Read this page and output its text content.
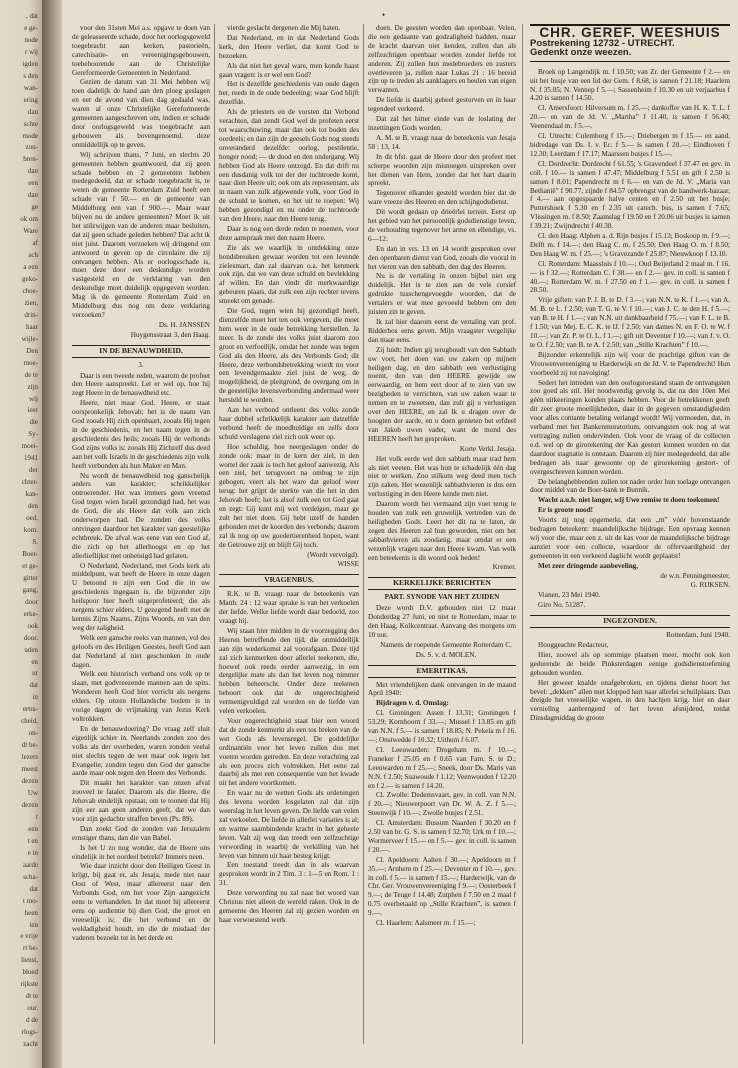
, dat
e ge-
node
r wij
igden
s den
wan-
ering
dan
schte
mode
zou-
bren-
dan
een
dan
ge
ok om
Ware
af
ach
a een
geko-
choe-
zien,
drin-
haar
wijle-
Den
moe-
de te
zijn
wij
ieer
die
Sy-
moei-
1941
der
chter-
kan-
den
oed,
kom.
S.
Boer-
et ge-
gitter
gang,
door
erke-
ook
door.
uden
en
ur
dat
in
ertra-
cheid,
on-
dt be-
lezers
meest
dezen
Uw
dezen
t
een
t en
e in
aarde
scha-
dat
t mo-
heen
ien
e vrije
rt be-
lienst,
bloed
rijkste
dt te
our.
d de
rlogs-
zacht
•

voor den 31sten Mei a.s. opgave te doen van de geleasseerde schade, door het oorlogsgeweld toegebracht aan kerken, pastorieën, catechisatie- en vereenigingsgebouwen, toebehoorende aan de Christelijke Gereformeerde Gemeenten in Nederland.

Gezien de datum van 31 Mei hebben wij toen dadelijk de hand aan den ploeg geslagen en eer de avond van dien dag gedaald was, waren al onze Christelijke Gereformeerde gemeenten aangeschreven om, indien er schade door oorlogsgeweld was toegebracht aan gebouwen als bovengenoemd, deze onmiddellijk op te geven.

Wij schrijven thans, 7 Juni, en slechts 20 gemeenten hebben geantwoord, dat zij geen schade hebben en 2 gemeenten hebben medegedeeld, dat er schade toegebracht is, te weten de gemeente Rotterdam Zuid heeft een schade van f 50.— en de gemeente van Middelburg een van f 900.—. Maar waar blijven nu de andere gemeenten? Moet ik uit het stilzwijgen van de anderen maar besluiten, dat zij geen schade geleden hebben? Dat acht ik niet juist. Daarom verzoeken wij dringend om antwoord te geven op de circulaire die zij ontvangen hebben. Als er oorlogsschade is, moet deze door een deskundige worden vastgesteld en de verklaring van den deskundige moet duidelijk opgegeven worden. Mag ik de gemeente Rotterdam Zuid en Middelburg dus nog om deze verklaring verzoeken?

Ds. H. JANSSEN

Huygensstraat 3, den Haag.

IN DE BENAUWDHEID.
3.

Daar is een tweede reden, waarom de profeet den Heere aanspreekt. Let er wel op, hoe hij zegt Heere in de benauwdheid etc.

Heere, niet maar God. Heere, er staat oorspronkelijk Jehovah; het is de naam van God zooals Hij zich openbaart, zooals Hij tegen in de geschiedenis, en het naam tegen in de geschiedenis des heils; zooals Hij de verbonds God zijns volks is: zooals Hij Zichzelf dus deed aan het volk Israels in de geschiedenis zijn volk heeft verbonden als hun Maker en Man.

Nu wordt de benauwdheid nog ganschelijk anders van karakter; schrikkelijker ontroerender. Het was immers geen vreemd God tegen wien Israël gezondigd had, het was de God, die als Heere dat volk aan zich onderworpen had. De zonden des volks ontvingen daardoor het karakter van geestelijke echtbreuk. De afval was eene van een God af, die zich op het allerhoogst en op het allerlieflijkst met onbetuigd had gelaten.

O Nederland, Nederland, met Gods kerk als middelpunt, wat heeft de Heere in onze dagen U betoond te zijn een God die in uw geschiedenis ingegaan is, die bijzonder zijn heilspoor hier heeft uitgeprofeteerd; die als nergens schier elders, U gezegend heeft met de kennis Zijns Naams, Zijns Woords, en van den weg der zaligheid.

Welk een gansche reeks van mannen, vol des geloofs en des Heiligen Geestes, heeft God aan dat Nederland al niet geschonken in oude dagen.

Welk een historisch verband ons volk op te slaan, met godvreezende mannen aan de spits. Wonderen heeft God hier verricht als nergens elders. Op onzen Hollandsche bodem is in vorige dagen de vrijmaking van Jezus Kerk voltrokken.

En de benauwdoering? De vraag zelf sluit eigenlijk schier in. Neerlands zonden zoo des volks als der overheden, waren zonden veelal niet slechts tegen de wet maar ook tegen het Evangelie; zonden tegen den God der gansche aarde maar ook tegen den Heere des Verbonds.

Dit maakt het karakter van onzen afval zooveel te fataler. Daarom als die Heere, die Jehovah eindelijk opstaat, om te toonen dat Hij zijn eer aan geen anderen geeft, dat we dan voor zijn gedachte straffen beven (Ps. 89).

Dan zoekt God de zonden van Jeruzalem ernstiger thans, dan die van Babel.

Is het U zo nog wonder, dat de Heere ons eindelijk in het oordeel betrekt? Immers neen.

Wie daar inzicht door den Heiligen Geest in krijgt, bij gaat er, als Jesaja, mede niet naar Oost of West, maar allereerst naar den Verbonds God, om het voor Zijn aangezicht eens te verhandelen. In dat moet hij allereerst eens op audientie bij dien God, die groot en vreeselijk is; die het verbond en de weldadigheid houdt, en die de misdaad der vaderen bezoekt tot in het derde en

vierde geslacht dergenen die Mij haten.

Dat Nederland, en in dat Nederland Gods kerk, den Heere verliet, dat komt God te bezoeken.

Als dat niet het geval ware, men konde haast gaan vragen: is er wel een God?

Het is dezelfde geschiedenis van oude dagen her, reeds in de oude bedeeling; waar God blijft dezelfde.

Als de priesters en de vorsten dat Verbond verachten, dan zendt God wel de profeten eerst tot waarschuwing, maar dan ook tot boden des oordeels; en dan zijn de geesels Gods nog steeds onveranderd dezelfde: oorlog, pestilentie, honger nood; — de dood en den ondergang. Wij hebben God als Heere ontzegd. En dat drift nu een dusdanig volk tot der der tuchtroede komt, naar dien Heere uit; ook om als representant, als in naam van zulk afgewende volk, voor God in de schuld te komen, en het uit te roepen: Wij hebben gezondigd en nu onder de tuchtroede van den Heere, naar den Heere terug.

Daar is nog een derde reden te noemen, voor deze aanspraak met den naam Heere.

Zie als we waarlijk in ontdekking onze bondsbreuken gewaar worden tot een levende zielesmart, dan zal daarvan o.a. het kenmerk ook zijn, dat we van deze schuld en bevlekking af willen. En dan vindt dit merkwaardige gebeuren plaats, dat zulk een zijn rechter tevens smeekt om genade.

Die God, tegen wien hij gezondigd heeft, dienzelfde moet het ten ook vergeven, die moet hem weer in de oude betrekking herstellen. Ja meer. Is de zonde des volks juist daarom zoo groot en verfoeilijk, omdat het zonde was tegen God als den Heere, als des Verbonds God; dit Heere, deze verbondsbetrekking wordt nu voor een levendgemaakte ziel juist de weg, de mogelijkheid, de pleitgrond, de overgang om in de geestelijke levensverbonding andermaal weer hersteld te worden.

Aan het verbond ontleent des volks zonde haar dubbel schrikkelijk karakter aan datzelfde verbond heeft de moedhuldige en zelfs door schuld verslagene ziel zich ook weer op.

Hoe schuldig, hoe neergeslagen onder de zonde ook: maar in de kern der ziel, in den wortel der zaak is toch het geloof aanwezig. Als een ziel, het terugvoert na ombug te zijn gebogen, veert als het ware dat geloof weer terug: het grijpt de sterkte van die het in den Jehovah heeft; het is alsof zulk een tot God gaat en zegt: Gij kunt mij wel verdelgen, maar ge zult het niet doen. Gij hebt uzelf de handen gebonden met de koorden des verbonds; daarom zal ik nog op uw goedertierenheid hopen, want de Getrouwe zijt en blijft Gij toch.

(Wordt vervolgd).

WISSE

VRAGENBUS.

R.K. te B. vraagt naar de beteekenis van Matth. 24 : 12 waar sprake is van het verkoelen der liefde. Welke liefde wordt daar bedoeld, zoo vraagt hij.

Wij staan hier midden in de voorzegging des Heeren betreffende den tijd, die onmiddellijk aan zijn wederkomst zal voorafgaan. Deze tijd zal zich kenmerken door allerlei teekenen, die, hoewel ook reeds eerder aanwezig, in een dergelijke mate als dan het leven nog nimmer hebben beheerscht. Onder deze teekenen behoort ook dat de ongerechtigheid vermenigvuldigd zal worden en de liefde van velen verkoelen.

Voor ongerechtigheid staat hier een woord dat de zonde kenmerkt als een tos breken van de wet Gods als levensregel. De goddelijke ordinantiën voor het leven zullen dus met voeten worden getreden. En deze verachting zal als een proces zich voltrekken. Het eene zal daarbij als met een consequentie van het kwade uit het andere voortkomen.

En waar nu de wetten Gods als ordeningen des levens worden losgelaten zal dat zijn weerslag in het leven geven. De liefde van velen zal verkoelen. De liefde in allerlei variaties is al; en warme saambindende kracht in het geheele leven. Valt zij weg dan treedt een zelfzuchtige verwording in waarbij de verkilling van het leven van binnen uit haar besteg krijgt.

Een toestand treedt dan in als waarvan gesproken wordt in 2 Tim. 3 : 1—5 en Rom. 1 : 31.

Deze verwording nu zal naar het woord van Christus niet alleen de wereld raken. Ook in de gemeente des Heeren zal zij gezien worden en haar verwoestend werk

doen. De geesten worden dan openbaar. Velen, die een gedaante van godzaligheid hadden, maar de kracht daarvan niet kenden, zullen dan als zelfzuchtigen openbaar worden zonder liefde tot anderen. Zij zullen hun medebroeders en zusters overleveren ja, zullen naar Lukas 21 : 16 bereid zijn op te treden als aanklagers en beulen van eigen verwanten.

De liefde is daarbij geheel gestorven en in haar tegendeel verkeerd.

Dat zal het bitter einde van de loslating der inzettingen Gods worden.

A. M. te B. vraagt naar de beteekenis van Jesaja 58 : 13, 14.

In dit hfst. gaat de Heere door den profeet met scherpe woorden zijn misnoegen uitspreken over het dienen van Hem, zonder dat het hart daarin spreekt.

Tegenover elkander gesteld worden hier dat de ware vreeze des Heeren en den schijngodsdienst.

Dit wordt gedaan op drieërlei terrein. Eerst op het gebied van het persoonlijk godsdienstige leven, de verhouding tegenover het arme en ellendige, vs. 6—12.

En dan in vrs. 13 en 14 wordt gesproken over den openbaren dienst van God, zooals die vooral in het vieren van den sabbath, den dag des Heeren.

Nu is de vertaling in onzen bijbel niet erg duidelijk. Het is te zien aan de vele cursief gedrukte tusschengevoegde woorden, dat de vertalers er wat mee gevoeeld hebben om den juisten zin te geven.

Ik zal hier daarom eerst de vertaling van prof. Ridderbos eens geven. Mijn vraagster vergelijke dan maar eens.

Zij luidt: Indien gij terughoudt van den Sabbath uw voet, het doen van uw zaken op mijnen heiligen dag, en den sabbath een verlustiging noemt, den van den HEERE gewijde uw eerwaardig, en hem eert door af te zien van uw bezigheden te verrichten, van uw zaken waar te nemen en te zweetsen, dan zult gij u verlustigen over den HEERE, en zal Ik u dragen over de hoogten der aarde, en u doen genieten het erfdeel van Jakob uwen vader, want de mond des HEEREN heeft het gesproken.

Korte Verkl. Jesaja.

Het volk eerde wel den sabbath maar trad hem als niet veeten. Het was hun te schadelijk één dag niet te werken. Zoo stilkum weg deed men toch zijn zaken. Het wezenlijk sabbathvieren is dus een verlustiging in den Heere kende men niet.

Daarom wordt het vermaand zijn voet terug te houden van zulk een gruwelijk vertreden van de heiligheden Gods. Leert het dit na te laten, de zegen des Heeren zal hun geworden, niet om het sabbathvieren als zoodanig, maar omdat er een wezenlijk vragen naar den Heere kwam. Van welk een beteekenis is dit woord ook heden!

Kremer.

KERKELIJKE BERICHTEN
PART. SYNODE VAN HET ZUIDEN

Deze wordt D.V. gehouden niet 12 maar Donderdag 27 Juni, en niet te Rotterdam, maar te den Haag, Kolkcentraat. Aanvang des morgens om 10 uur.

Namens de roepende Gemeente Rotterdam C.

Ds. S. v. d. MOLEN.

EMERITIKAS.

Met vriendelijken dank ontvangen in de maand April 1940:

Bijdragen v. d. Omslag:

Cl. Groningen: Assen f 13.31; Groningen f 53.29; Kornhoorn f 33.—; Mussel f 13.85 en gift van N.N. f 5.— is samen f 18.85; N. Pekela m f 16.—; Onstwedde f 10.32; Uithum f 6.07.

Cl. Leeuwarden: Drogeham m. f 10.—; Franeker f 25.05 en f 0.65 van Fam. S. te D.; Leeuwarden m f 25.—; Sneek, door Ds. Maris van N.N. f 2.50; Suawoude f 1.12; Veenwouden f 12.20 en f 2.— is samen f 14.20.

Cl. Zwolle: Dedemsvaart, gev. in coll. van N.N. f 20.—; Nieuwerpoort van Dr. W. A. Z. f 5.—; Steenwijk f 10.—; Zwolle busjes f 2.51.

Cl. Amsterdam: Bussum Naarden f 30.20 en f 2.50 van br. G. S. is samen f 32.70; Urk m f 10.—; Wormerveer f 15.— en f 5.— gev. in coll. is samen f 20.—.

Cl. Apeldoorn: Aalten f 30.—; Apeldoorn m f 35.—; Arnhem m f 25.—; Deventer m f 10.—, gev. in coll. f 5.— is samen f 15.—; Harderwijk, van de Chr. Ger. Vrouwenvereeniging f 9.—; Oosterbeek f 9.—; de Teuge f 14.48; Zutphen f 7.50 en 2 maal f 0.75 overbetaald op „Stille Krachten”, is samen f 9.—.

Cl. Haarlem: Aalsmeer m. f 15.—;

CHR. GEREF. WEESHUIS
Postrekening 12732 - UTRECHT.
Gedenkt onze weezen.

Broek op Langendijk m. f 10.50; van Zr. der Gemeente f 2.— en uit het busje van een lid der Gem. f 8.68, is samen f 21.18; Haarlem N. f 35.05; N. Vennep f 5.—; Sassenheim f 10.30 en uit verjaarbus f 4.20 is samen f 14.50.

Cl. Amersfoort: Hilversum m. f 25.—; dankoffer van H. K. T. L. f 20.— en van de Jd. V. „Martha” f 11.40, is samen f 56.40; Veenendaal m. f 5.—.

Cl. Utrecht: Culemborg f 15.—; Driebergen m f 15.— en aand. bidredage van Ds. I. v. Ec. f 5.— is samen f 20.—; Eindhoven f 12.30; Leerdam f 17.17; Maarssen busjes f 15.—.

Cl. Dordrecht: Dordrecht f 61.55; 's Gravendeel f 37.47 en gev. in coll. f 10.— is samen f 47.47; Middelburg f 5.51 en gift f 2.50 is samen f 8.01; Papendrecht m f 6.— en van de Jd. V. „Maria van Bethanië” f 90.77, zijnde f 84.57 opbrengst van de handwerk-bazaar, f 4.— aan opgespaarde halve centen en f 2.50 uit het busje; Puttershoek f 5.30 en f 2.35 uit catech. bus, is samen f 7.65; Vlissingen m. f 8.50; Zaamslag f 19.50 en f 20.06 uit busjes is samen f 39.21; Zwijndrecht f 40.38.

Cl. den Haag: Alphen a. d. Rijn busjes f 15.13; Boskoop m. f 9.—; Delft m. f 14.—; den Haag C. m. f 25.50; Den Haag O. m. f 8.50; Den Haag W. m. f 25.—; 's Gravezande f 25.87; Nieuwkoop f 13.10.

Cl. Rotterdam: Maassluis f 10.—; Oud Beijerland 2 maal m. f 16.— is f 32.—; Rotterdam C. f 38.— en f 2.— gev. in coll. is samen f 40.—; Rotterdam W. m. f 27.50 en f 1.— gev. in coll. is samen f 28.50.

Vrije giften: van P. J. B. te D. f 3.—; van N.N. te K. f 1.—; van A. M. B. te L. f 2.50; van T. G. te V. f 10.—; van J. C. te den H. f 5.—; van B. te H. f 1.—; van N.N. uit dankbaarheid f 75.—; van F. L. te B. f 1.50; van Mej. E. C. K. te IJ. f 2.50; van dames N. en F. O. te W. f 10.—; van Zr. P. te O. L. f 1.—; gift uit Deventer f 10.—; van J. v. O. te O. f 2.50; van B. te A. f 2.50; van „Stille Krachten” f 10.—.

Bijzonder erkentelijk zijn wij voor de prachtige giften van de Vrouwenvereeniging te Harderwijk en de Jd. V. te Papendrecht! Hun voorbeeld zij tot navolging!

Sedert het intreden van den oorlogstoestand staan de ontvangsten zoo goed als stil. Het noodwendig gevolg is, dat na den 10en Mei géén uitkeeringen konden plaats hebben. Voor de betrekkenen geeft dit zeer groote moeilijkheden, daar in de gegeven omstandigheden voor alles contante betaling verlangd wordt! Wij vermoeden, dat, in verband met het Bankenmoratorium, ontvangsten ook nog al wat vertraging zullen ondervinden. Ook voor de vraag of de collecten e.d. wel op de girorekening der Kas gestort kunnen worden en dat daardoor stagnatie is ontstaan. Daarom zij hier medegedeeld, dat alle bedragen als naar gewoonte op de girorekening gestort- of overgeschreven kunnen worden.

De belanghebbenden zullen tot nader order hun toelage ontvangen door middel van de Boer-bank te Bunnik.

Wacht a.u.b. niet langer, wij Uwe remise te doen toekomen!

Er is groote nood!

Voorts zij nog opgemerkt, dat een „m” vóór hovenstaande bedragen beteekent: maandelijksche bijdrage. Een opvraag kennen wij voor die, maar een z. uit de kas voor de maandelijksche bijdrage aanziet voor een collecte, waardoor de offervaardigheid der gemeenten in een verkeerd daglicht wordt geplaatst!

Met zeer dringende aanbeveling,

de w.n. Penningmeester,

G. RIJKSEN.

Vianen, 23 Mei 1940.

Giro No. 51287.

INGEZONDEN.

Rotterdam, Juni 1940.

Hooggeachte Redacteur,

Hier, zoowel als op sommige plaatsen meer, mocht ook kon gedurende de beide Pinksterdagen eenige godsdienstoefening gehouden worden.

Het geweer knalde onafgebroken, en tijdens dienst hoort het bevel: „dekken” allen met klopped hart naar allerlei schuilplaats. Dan dreigde het vreeselijke wapen, in den hachjen krijg. hier en daar verniellng aanbrengend of het leven afsnijdend, totdat Dinsdagmiddag de groote
